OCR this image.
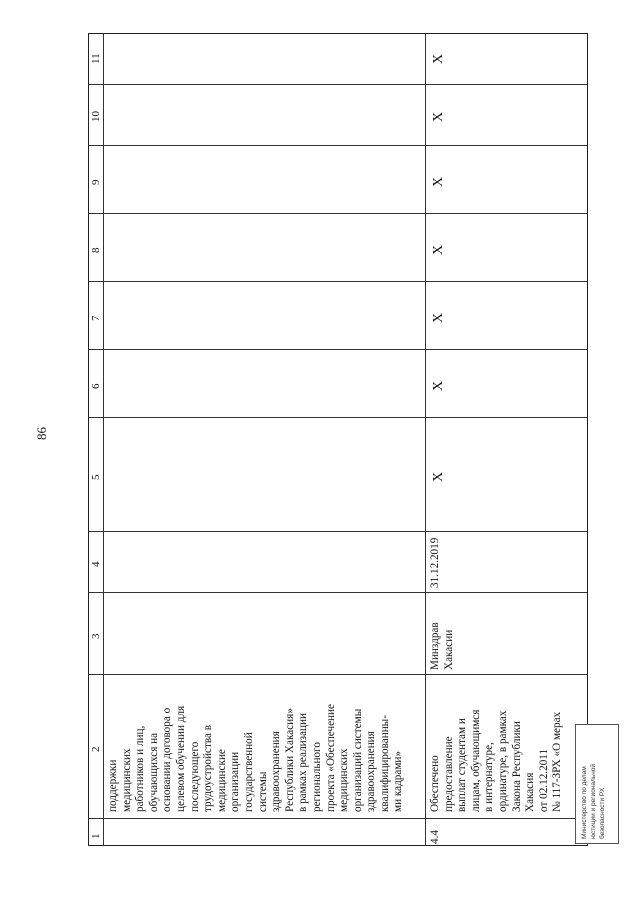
86
1
2
3
4
5
6
7
8
9
10
11
поддержки медицинских работников и лиц, обучающихся на основании договора о целевом обучении для последующего трудоустройства в медицинские организации государственной системы здравоохранения Республики Хакасия» в рамках реализации регионального проекта «Обеспечение медицинских организаций системы здравоохранения квалифицированны- ми кадрами»
4.4
Обеспечено предоставление выплат студентам и лицам, обучающимся в интернатуре, ординатуре, в рамках Закона Республики Хакасия от 02.12.2011 № 117-ЗРХ «О мерах
Минздрав Хакасии
31.12.2019
X
X
X
X
X
X
X
Министерство по делам юстиции и региональной безопасности РХ
